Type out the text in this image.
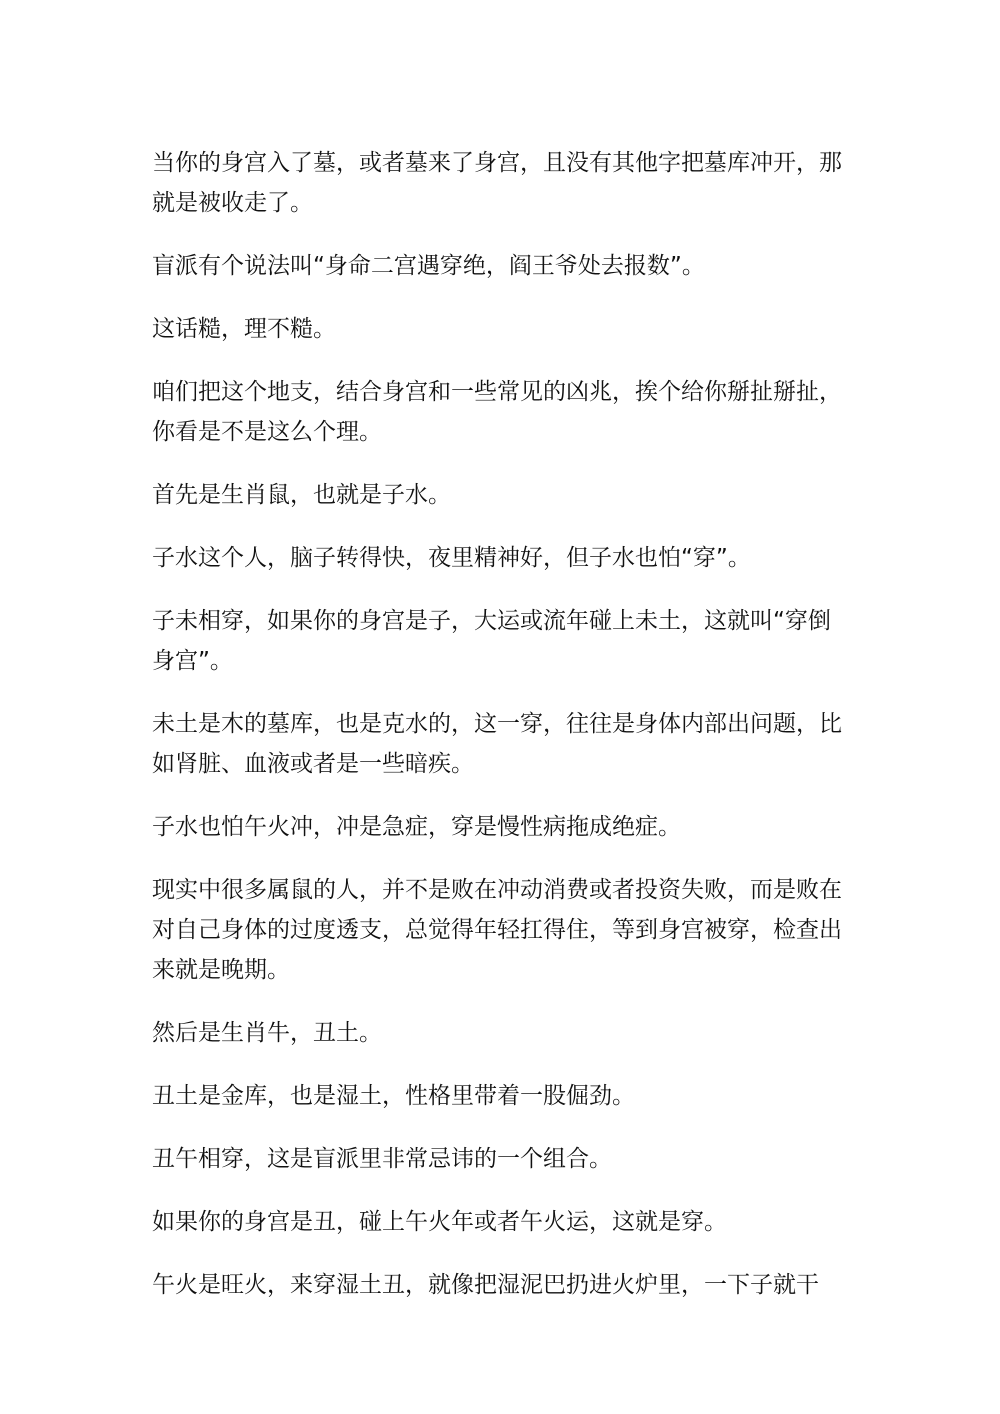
当你的身宫入了墓，或者墓来了身宫，且没有其他字把墓库冲开，那就是被收走了。

盲派有个说法叫“身命二宫遇穿绝，阎王爷处去报数”。

这话糙，理不糙。

咱们把这个地支，结合身宫和一些常见的凶兆，挨个给你掰扯掰扯，你看是不是这么个理。

首先是生肖鼠，也就是子水。

子水这个人，脑子转得快，夜里精神好，但子水也怕“穿”。

子未相穿，如果你的身宫是子，大运或流年碰上未土，这就叫“穿倒身宫”。

未土是木的墓库，也是克水的，这一穿，往往是身体内部出问题，比如肾脏、血液或者是一些暗疾。

子水也怕午火冲，冲是急症，穿是慢性病拖成绝症。

现实中很多属鼠的人，并不是败在冲动消费或者投资失败，而是败在对自己身体的过度透支，总觉得年轻扛得住，等到身宫被穿，检查出来就是晚期。

然后是生肖牛，丑土。

丑土是金库，也是湿土，性格里带着一股倔劲。

丑午相穿，这是盲派里非常忌讳的一个组合。

如果你的身宫是丑，碰上午火年或者午火运，这就是穿。

午火是旺火，来穿湿土丑，就像把湿泥巴扔进火炉里，一下子就干
